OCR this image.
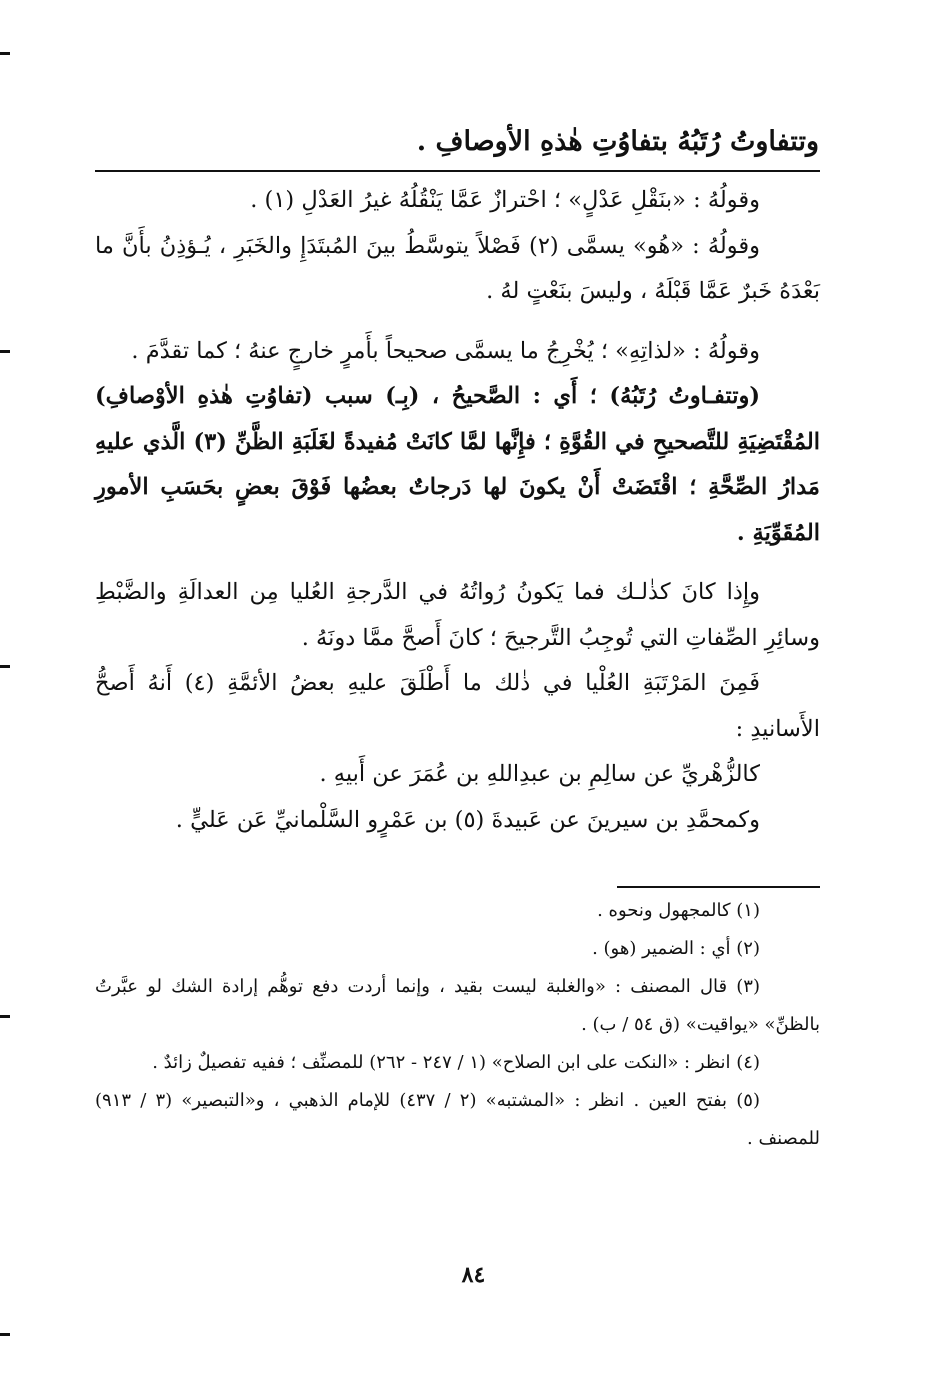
وتتفاوتُ رُتَبُهُ بتفاوُتِ هٰذهِ الأوصافِ .

وقولُهُ : «بنَقْلِ عَدْلٍ» ؛ احْترازٌ عَمَّا يَنْقُلُهُ غيرُ العَدْلِ (١) .

وقولُهُ : «هُو» يسمَّى (٢) فَصْلاً يتوسَّطُ بينَ المُبتَدَإِ والخَبَرِ ، يُـؤذِنُ بأَنَّ ما بَعْدَهُ خَبرٌ عَمَّا قَبْلَهُ ، وليسَ بنَعْتٍ لهُ .

وقولُهُ : «لذاتِهِ» ؛ يُخْرِجُ ما يسمَّى صحيحاً بأَمرٍ خارجٍ عنهُ ؛ كما تقدَّمَ .

(وتتفـاوتُ رُتَبُهُ) ؛ أَي : الصَّحيحُ ، (بِـ) سبب (تفاوُتِ هٰذهِ الأوْصافِ) المُقْتَضِيَةِ للتَّصحيحِ في القُوَّةِ ؛ فإِنَّها لمَّا كانَتْ مُفيدةً لغَلَبَةِ الظَّنِّ (٣) الَّذي عليهِ مَدارُ الصِّحَّةِ ؛ اقْتَضَتْ أَنْ يكونَ لها دَرجاتٌ بعضُها فَوْقَ بعضٍ بحَسَبِ الأمورِ المُقَوِّيَةِ .

وإِذا كانَ كذٰلـك فما يَكونُ رُواتُهُ في الدَّرجةِ العُليا مِن العدالَةِ والضَّبْطِ وسائِرِ الصِّفاتِ التي تُوجِبُ التَّرجيحَ ؛ كانَ أَصحَّ ممَّا دونَهُ .

فَمِنَ المَرْتَبَةِ العُلْيا في ذٰلك ما أَطْلَقَ عليهِ بعضُ الأئمَّةِ (٤) أَنهُ أَصحُّ الأَسانيدِ :

كالزُّهْريِّ عن سالِمِ بن عبدِاللهِ بن عُمَرَ عن أَبيهِ .

وكمحمَّدِ بن سيرينَ عن عَبيدةَ (٥) بن عَمْرٍو السَّلْمانيِّ عَن عَليٍّ .

(١) كالمجهول ونحوه .

(٢) أي : الضمير (هو) .

(٣) قال المصنف : «والغلبة ليست بقيد ، وإنما أردت دفع توهُّم إرادة الشك لو عبَّرتُ بالظنِّ» «يواقيت» (ق ٥٤ / ب) .

(٤) انظر : «النكت على ابن الصلاح» (١ / ٢٤٧ - ٢٦٢) للمصنِّف ؛ ففيه تفصيلٌ زائدٌ .

(٥) بفتح العين . انظر : «المشتبه» (٢ / ٤٣٧) للإمام الذهبي ، و«التبصير» (٣ / ٩١٣) للمصنف .

٨٤
